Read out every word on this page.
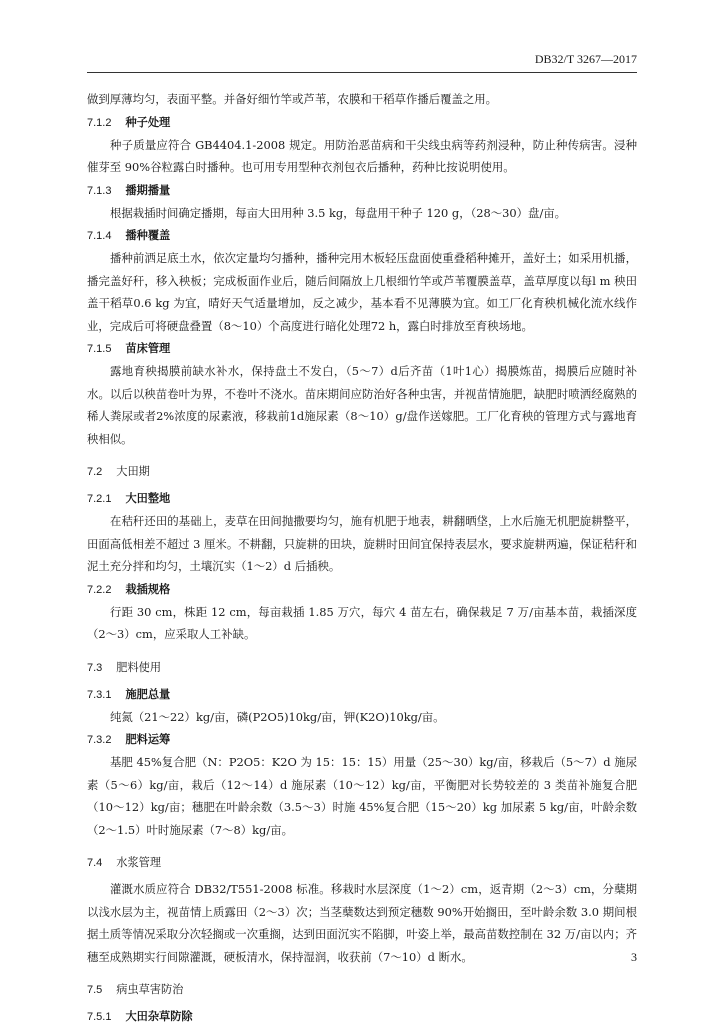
DB32/T 3267—2017

做到厚薄均匀，表面平整。并备好细竹竿或芦苇，农膜和干稻草作播后覆盖之用。

7.1.2 种子处理

种子质量应符合 GB4404.1-2008 规定。用防治恶苗病和干尖线虫病等药剂浸种，防止种传病害。浸种催芽至 90%谷粒露白时播种。也可用专用型种衣剂包衣后播种，药种比按说明使用。

7.1.3 播期播量

根据栽插时间确定播期，每亩大田用种 3.5 kg，每盘用干种子 120 g，（28～30）盘/亩。

7.1.4 播种覆盖

播种前洒足底土水，依次定量均匀播种，播种完用木板轻压盘面使重叠稻种摊开，盖好土；如采用机播，播完盖好秆，移入秧板；完成板面作业后，随后间隔放上几根细竹竿或芦苇覆膜盖草，盖草厚度以每l m 秧田盖干稻草0.6 kg 为宜，晴好天气适量增加，反之减少，基本看不见薄膜为宜。如工厂化育秧机械化流水线作业，完成后可将硬盘叠置（8～10）个高度进行暗化处理72 h，露白时排放至育秧场地。

7.1.5 苗床管理

露地育秧揭膜前缺水补水，保持盘土不发白，（5～7）d后齐苗（1叶1心）揭膜炼苗，揭膜后应随时补水。以后以秧苗卷叶为界，不卷叶不浇水。苗床期间应防治好各种虫害，并视苗情施肥，缺肥时喷洒经腐熟的稀人粪尿或者2%浓度的尿素液，移栽前1d施尿素（8～10）g/盘作送嫁肥。工厂化育秧的管理方式与露地育秧相似。

7.2 大田期
7.2.1 大田整地

在秸秆还田的基础上，麦草在田间抛撒要均匀，施有机肥于地表，耕翻晒垡，上水后施无机肥旋耕整平，田面高低相差不超过 3 厘米。不耕翻，只旋耕的田块，旋耕时田间宜保持表层水，要求旋耕两遍，保证秸秆和泥土充分拌和均匀，土壤沉实（1～2）d 后插秧。

7.2.2 栽插规格

行距 30 cm，株距 12 cm，每亩栽插 1.85 万穴，每穴 4 苗左右，确保栽足 7 万/亩基本苗，栽插深度（2～3）cm，应采取人工补缺。

7.3 肥料使用
7.3.1 施肥总量

纯氮（21～22）kg/亩，磷(P2O5)10kg/亩，钾(K2O)10kg/亩。

7.3.2 肥料运筹

基肥 45%复合肥（N：P2O5：K2O 为 15：15：15）用量（25～30）kg/亩，移栽后（5～7）d 施尿素（5～6）kg/亩，栽后（12～14）d 施尿素（10～12）kg/亩，平衡肥对长势较差的 3 类苗补施复合肥（10～12）kg/亩；穗肥在叶龄余数（3.5～3）时施 45%复合肥（15～20）kg 加尿素 5 kg/亩，叶龄余数（2～1.5）叶时施尿素（7～8）kg/亩。

7.4 水浆管理

灌溉水质应符合 DB32/T551-2008 标准。移栽时水层深度（1～2）cm，返青期（2～3）cm，分蘖期以浅水层为主，视苗情上质露田（2～3）次；当茎蘖数达到预定穗数 90%开始搁田，至叶龄余数 3.0 期间根据土质等情况采取分次轻搁或一次重搁，达到田面沉实不陷脚，叶姿上举，最高苗数控制在 32 万/亩以内；齐穗至成熟期实行间隙灌溉，硬板清水，保持湿润，收获前（7～10）d 断水。

7.5 病虫草害防治
7.5.1 大田杂草防除
3
